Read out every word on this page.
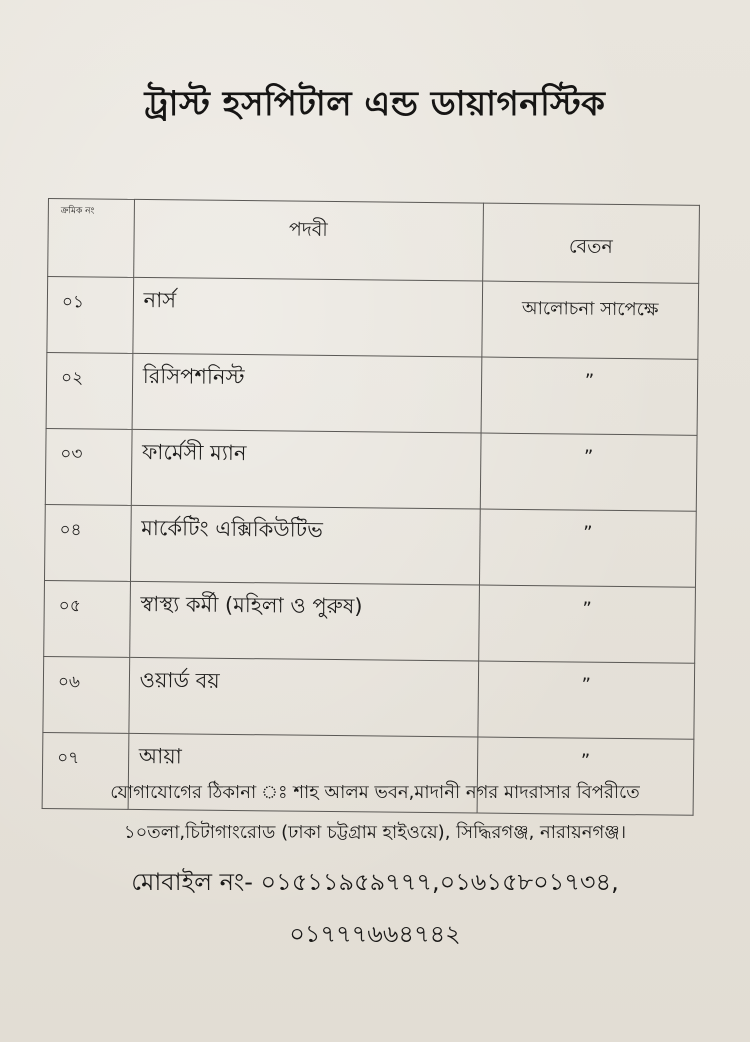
ট্রাস্ট হসপিটাল এন্ড ডায়াগনস্টিক
ক্রমিক নং	পদবী	বেতন
০১	নার্স	আলোচনা সাপেক্ষে
০২	রিসিপশনিস্ট	”
০৩	ফার্মেসী ম্যান	”
০৪	মার্কেটিং এক্সিকিউটিভ	”
০৫	স্বাস্থ্য কর্মী (মহিলা ও পুরুষ)	”
০৬	ওয়ার্ড বয়	”
০৭	আয়া	”
যোগাযোগের ঠিকানা ঃ শাহ আলম ভবন,মাদানী নগর মাদরাসার বিপরীতে
১০তলা,চিটাগাংরোড (ঢাকা চট্টগ্রাম হাইওয়ে), সিদ্ধিরগঞ্জ, নারায়নগঞ্জ।
মোবাইল নং- ০১৫১১৯৫৯৭৭৭,০১৬১৫৮০১৭৩৪,
০১৭৭৭৬৬৪৭৪২
